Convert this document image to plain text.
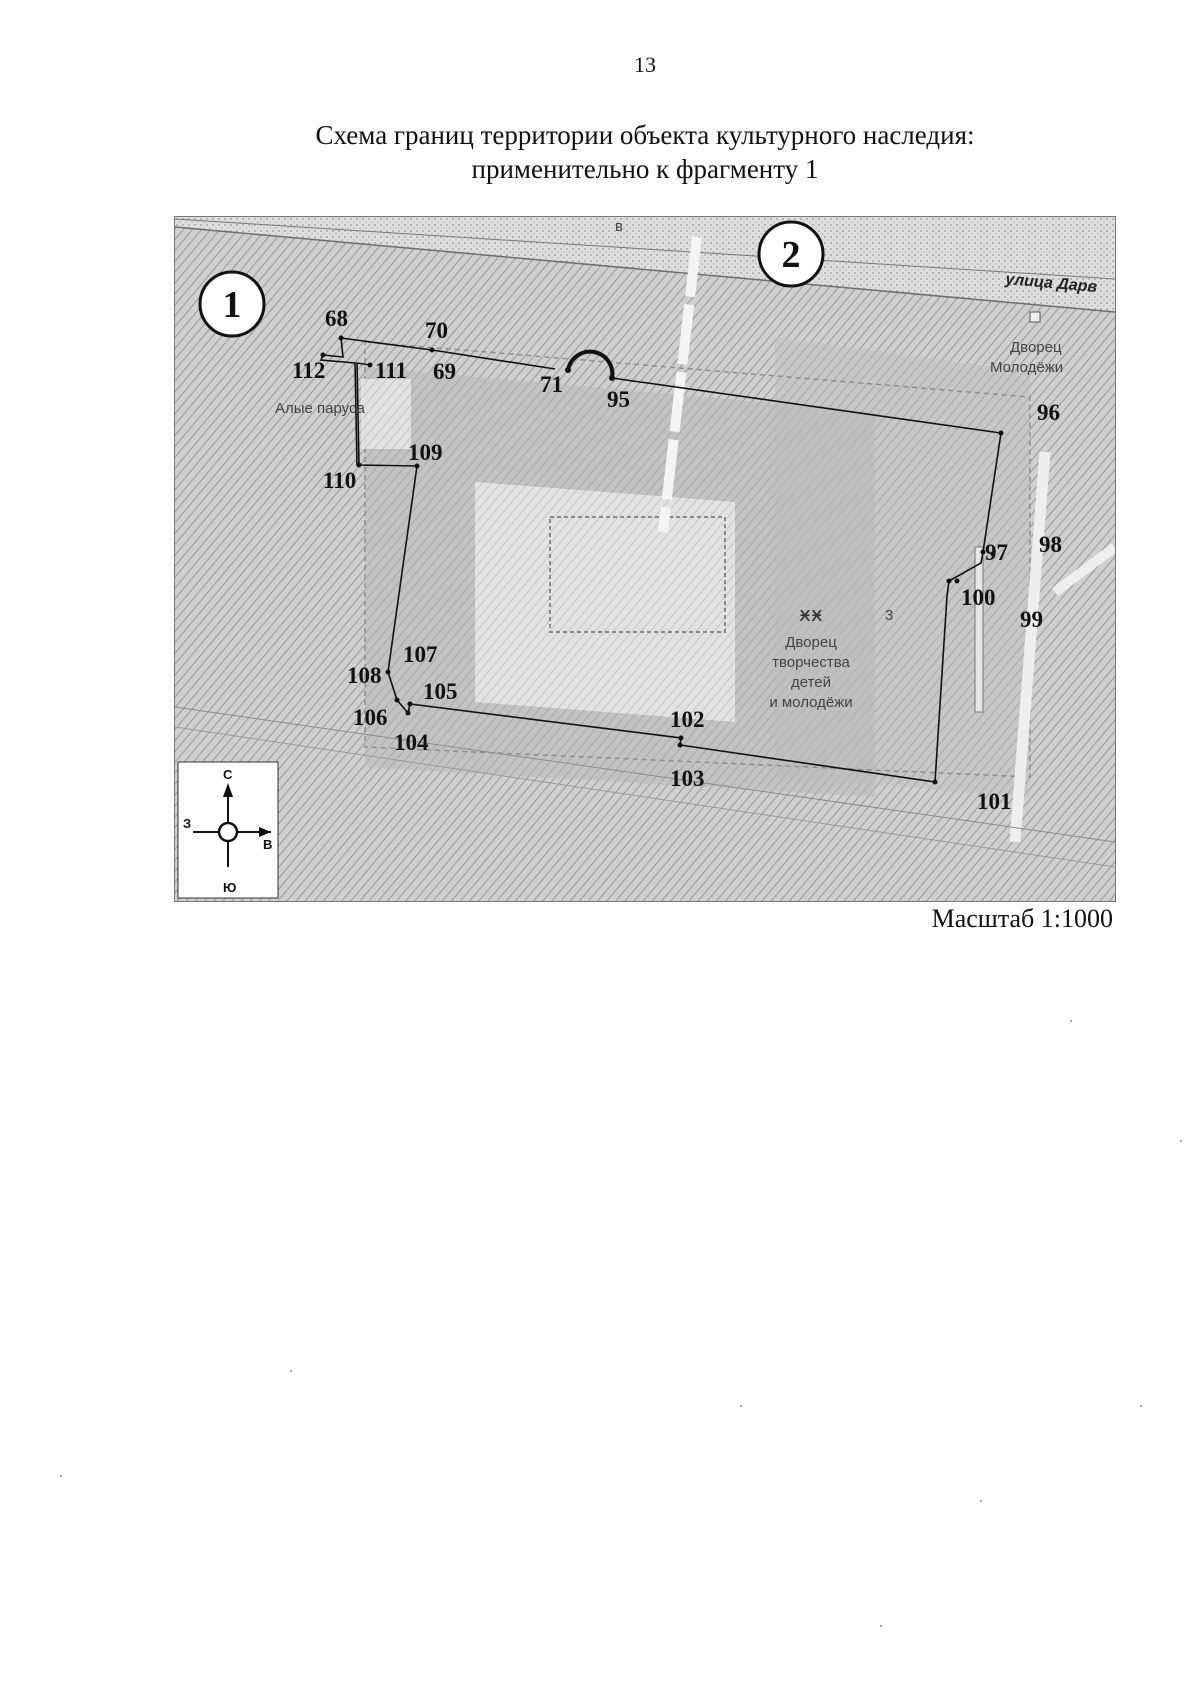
13
Схема границ территории объекта культурного наследия:
применительно к фрагменту 1
68
69
70
71
95
96
97 98
99
100
101
102
103
104
105
106
107
108
109
110
111
112
1
2
улица Дарв
в
Дворец
Молодёжи
Алые паруса
3
ӿӿ
Дворец
творчества
детей
и молодёжи
С
Ю
З
В
Масштаб 1:1000
